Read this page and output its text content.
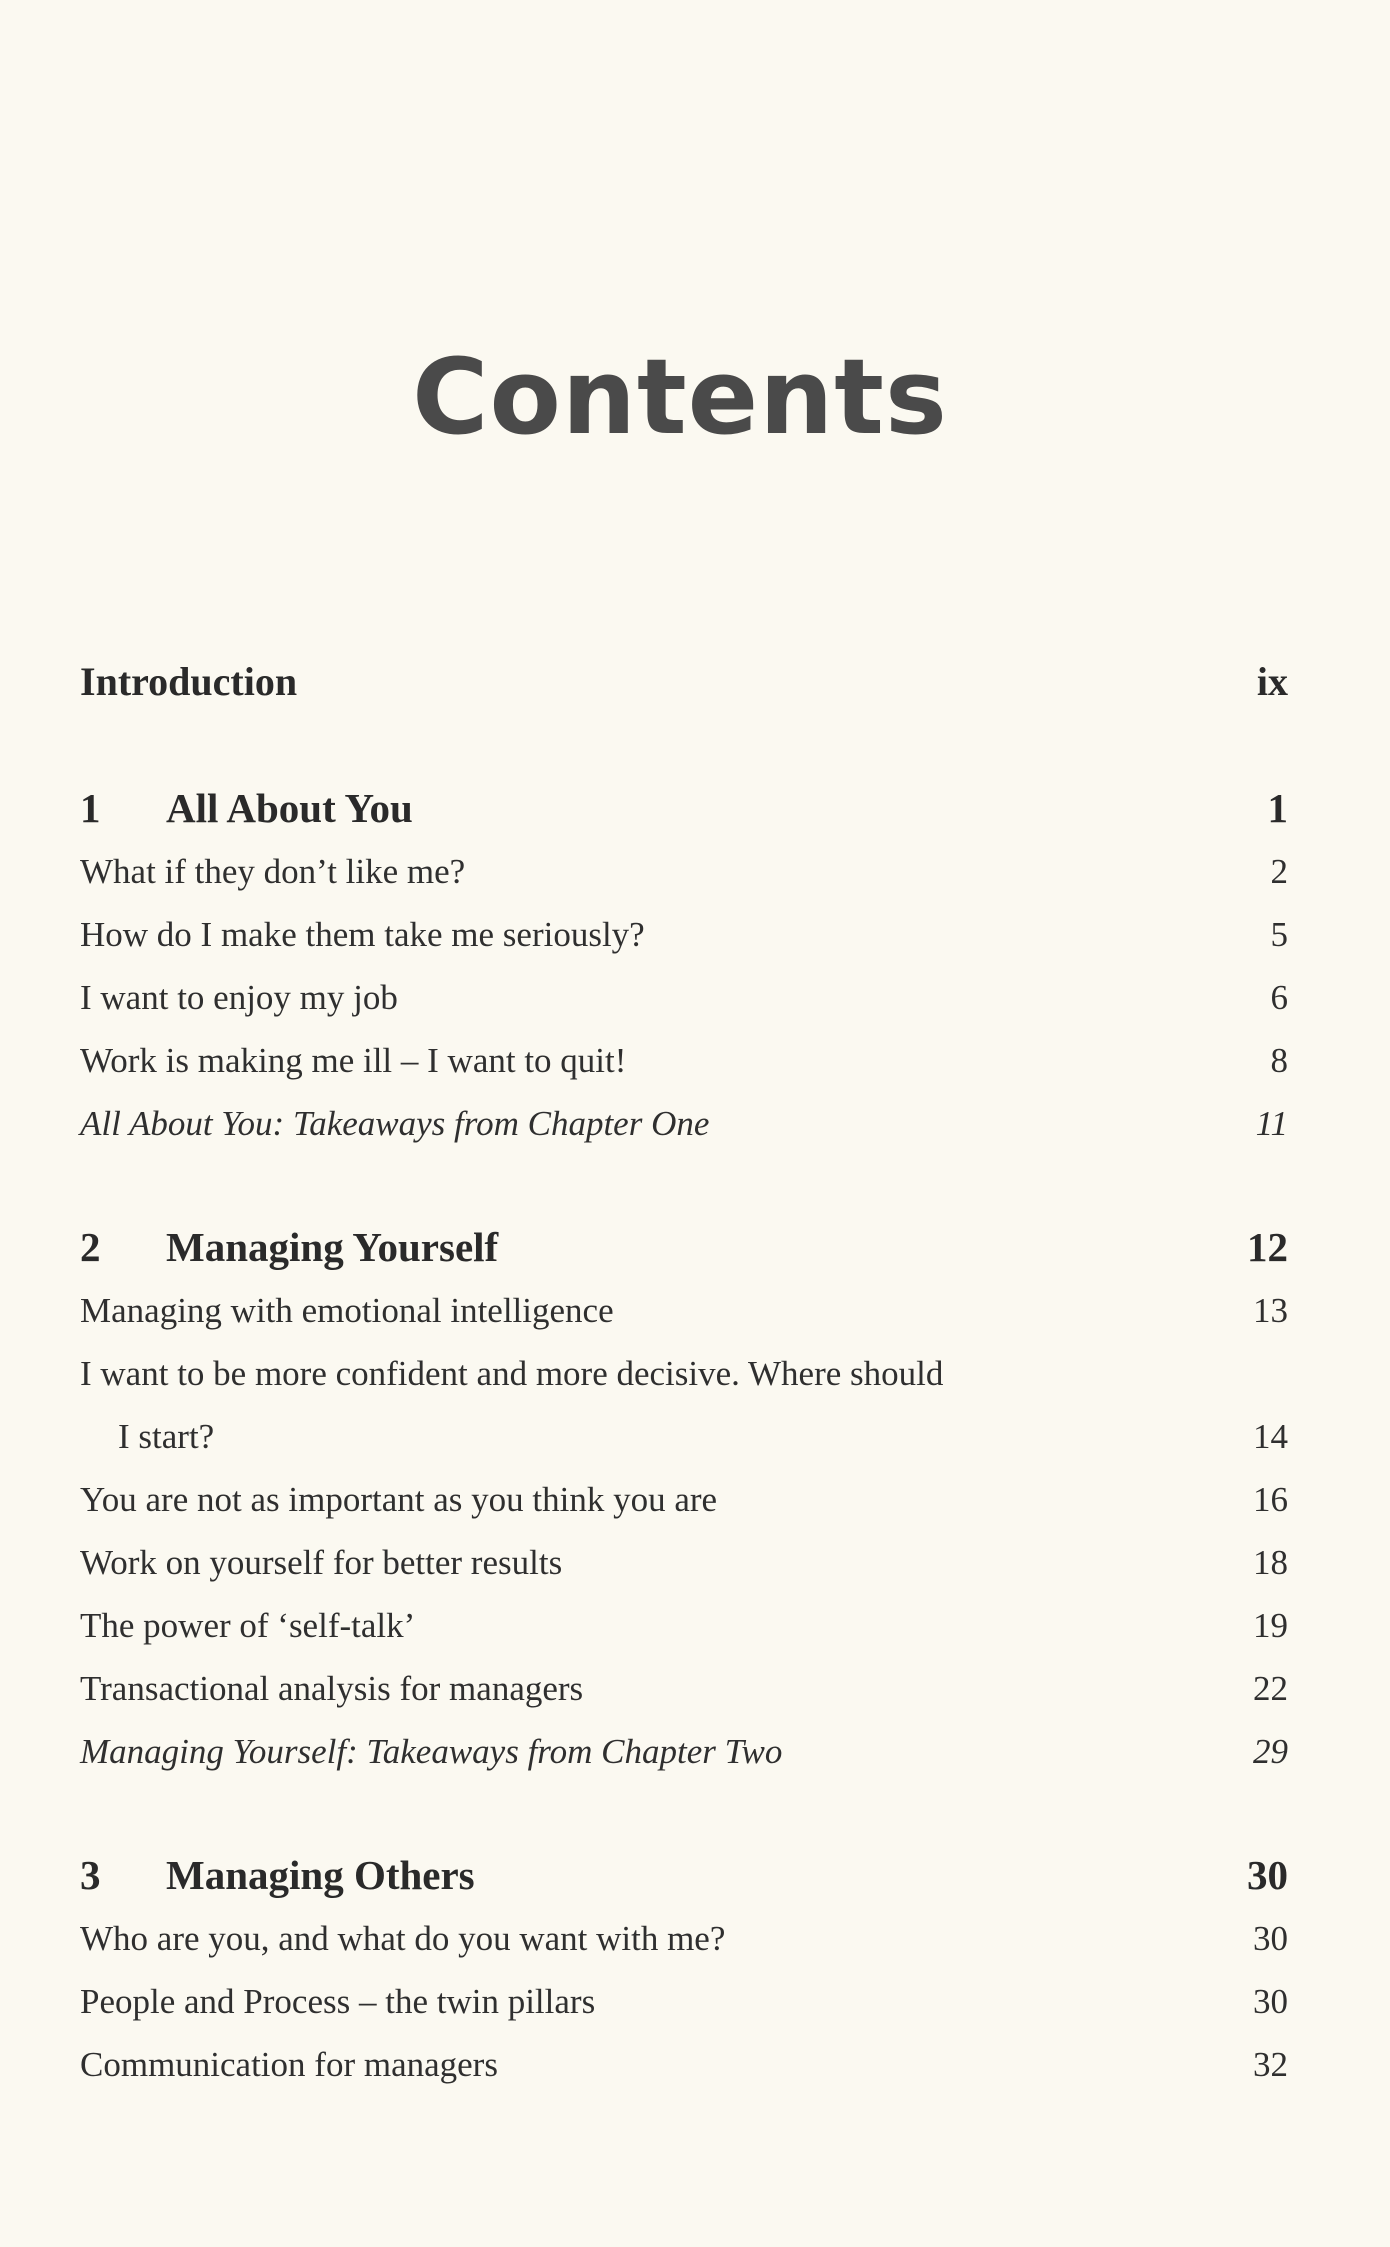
Contents
Introduction	ix
1 All About You	1
What if they don’t like me?	2
How do I make them take me seriously?	5
I want to enjoy my job	6
Work is making me ill – I want to quit!	8
All About You: Takeaways from Chapter One	11
2 Managing Yourself	12
Managing with emotional intelligence	13
I want to be more confident and more decisive. Where should
I start?	14
You are not as important as you think you are	16
Work on yourself for better results	18
The power of ‘self-talk’	19
Transactional analysis for managers	22
Managing Yourself: Takeaways from Chapter Two	29
3 Managing Others	30
Who are you, and what do you want with me?	30
People and Process – the twin pillars	30
Communication for managers	32
